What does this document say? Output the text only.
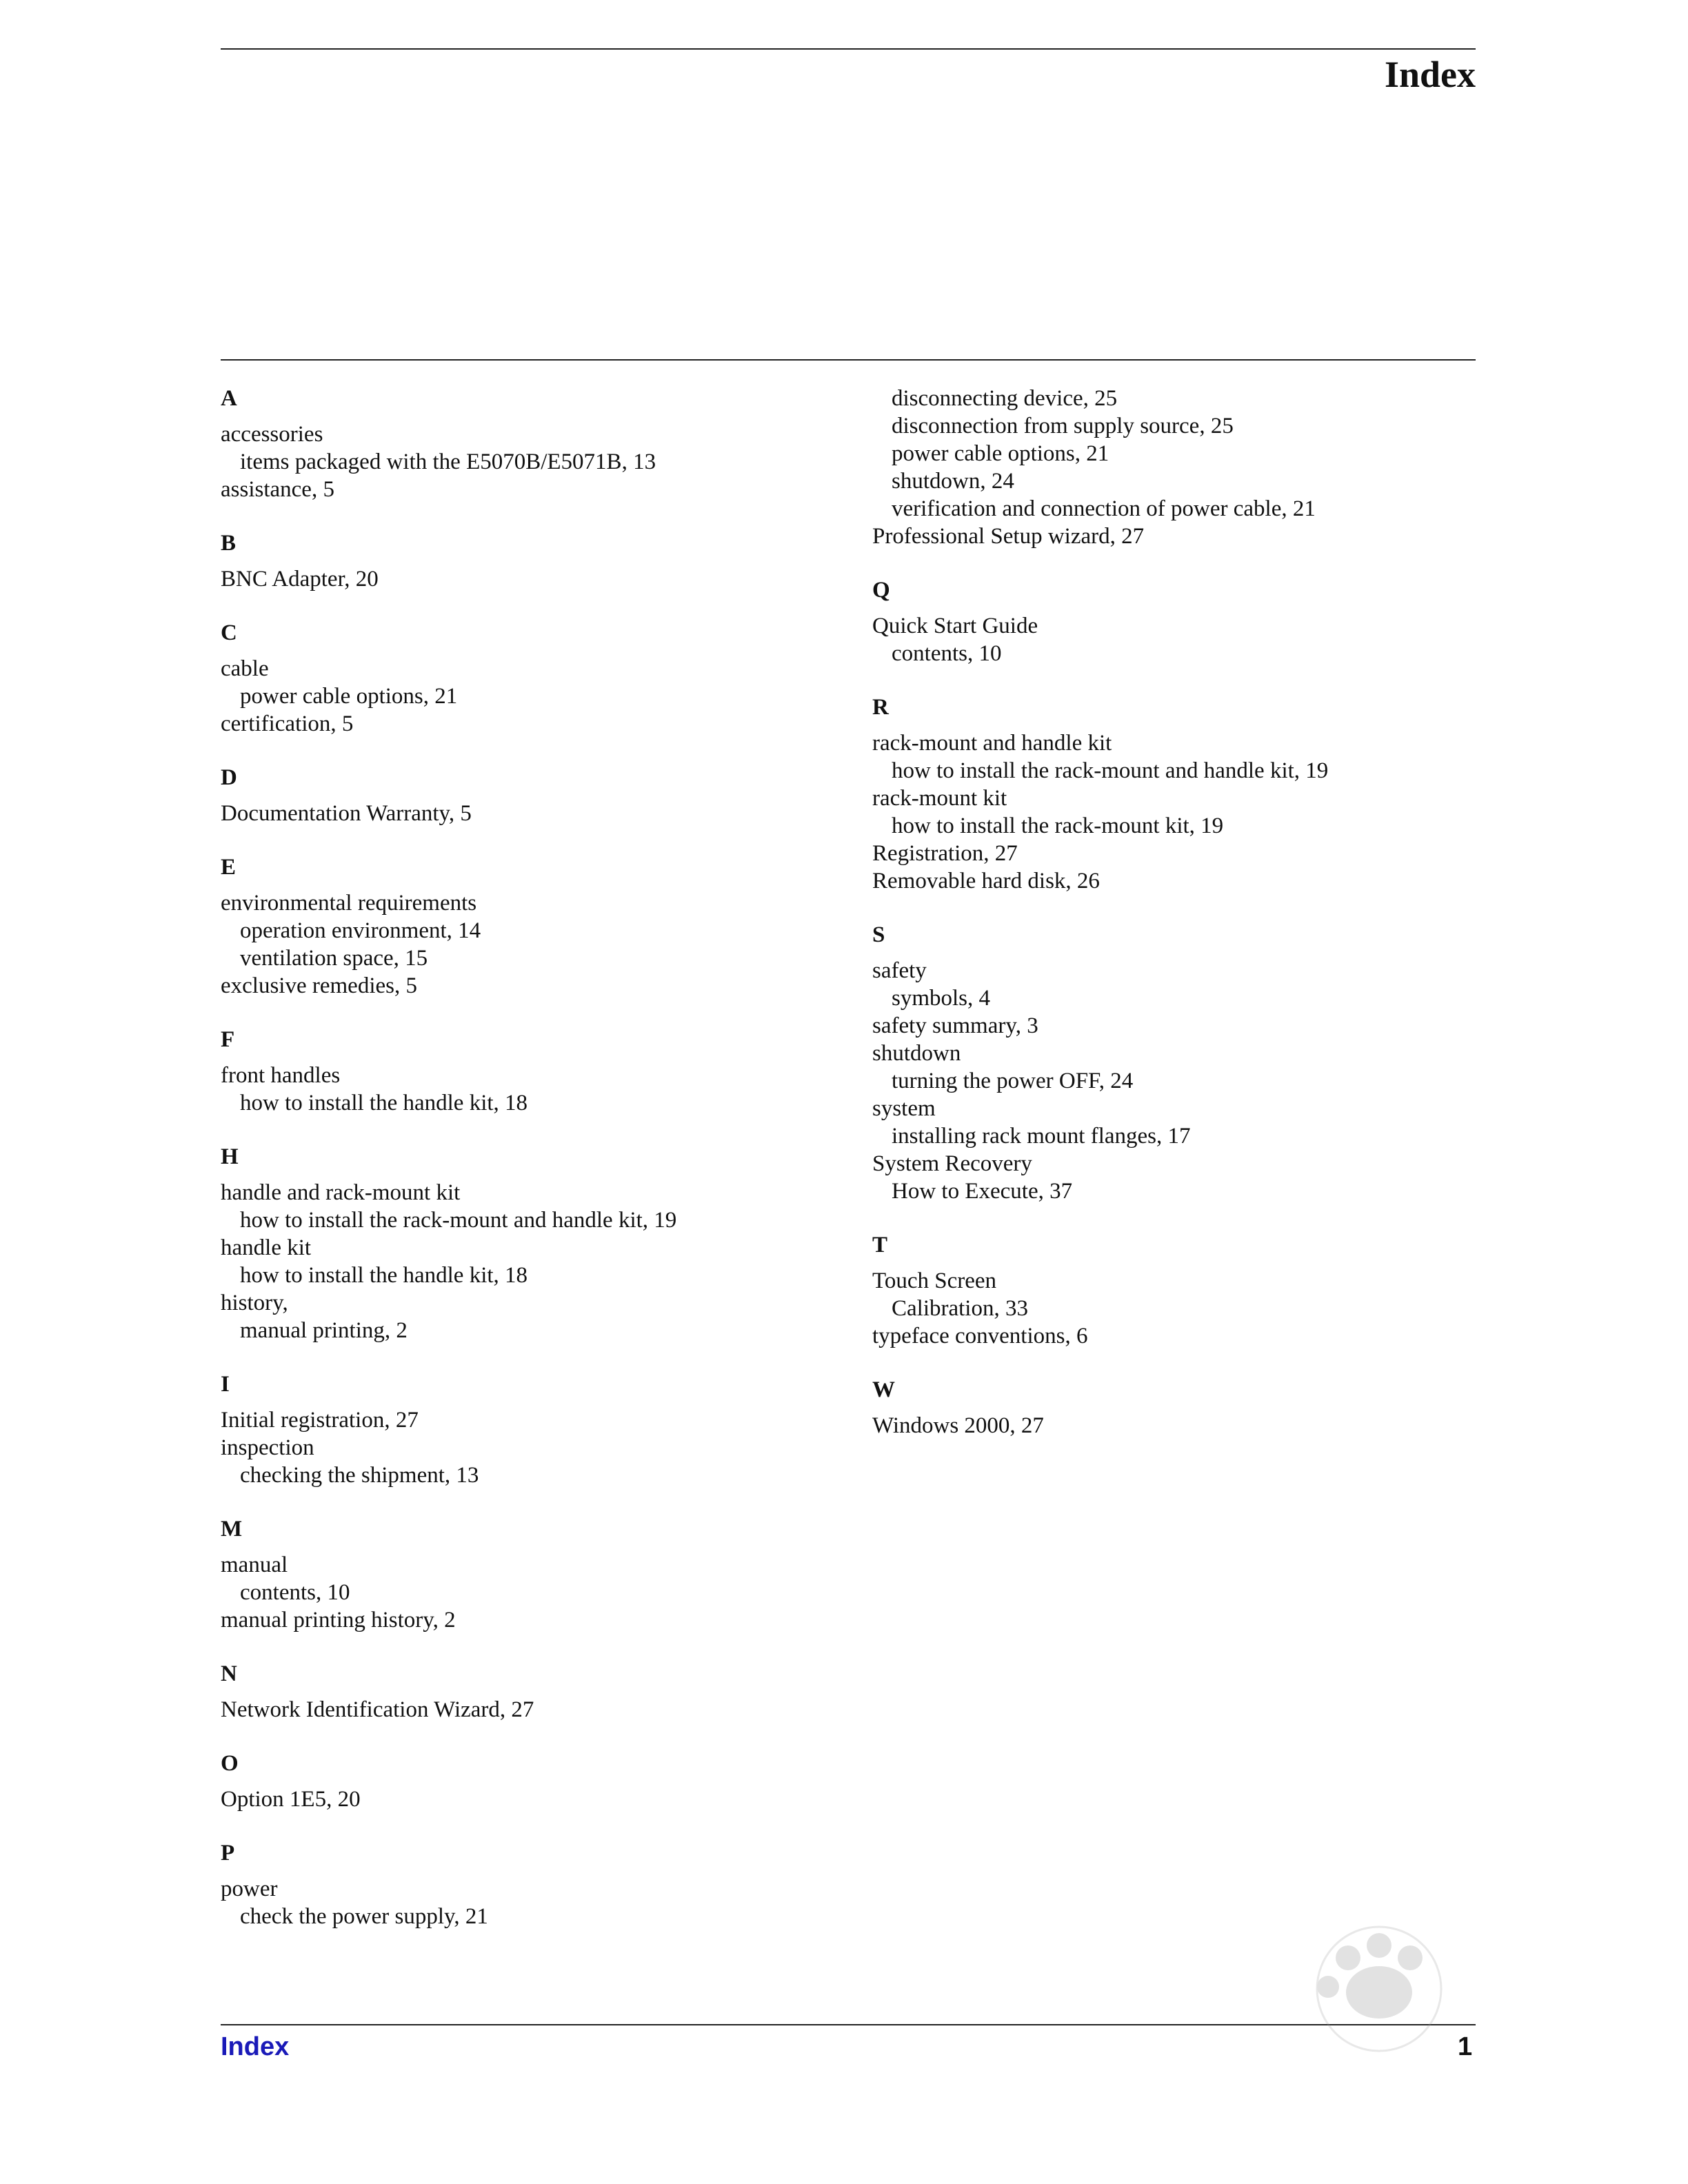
Index
A
accessories
items packaged with the E5070B/E5071B, 13
assistance, 5
B
BNC Adapter, 20
C
cable
power cable options, 21
certification, 5
D
Documentation Warranty, 5
E
environmental requirements
operation environment, 14
ventilation space, 15
exclusive remedies, 5
F
front handles
how to install the handle kit, 18
H
handle and rack-mount kit
how to install the rack-mount and handle kit, 19
handle kit
how to install the handle kit, 18
history,
manual printing, 2
I
Initial registration, 27
inspection
checking the shipment, 13
M
manual
contents, 10
manual printing history, 2
N
Network Identification Wizard, 27
O
Option 1E5, 20
P
power
check the power supply, 21
disconnecting device, 25
disconnection from supply source, 25
power cable options, 21
shutdown, 24
verification and connection of power cable, 21
Professional Setup wizard, 27
Q
Quick Start Guide
contents, 10
R
rack-mount and handle kit
how to install the rack-mount and handle kit, 19
rack-mount kit
how to install the rack-mount kit, 19
Registration, 27
Removable hard disk, 26
S
safety
symbols, 4
safety summary, 3
shutdown
turning the power OFF, 24
system
installing rack mount flanges, 17
System Recovery
How to Execute, 37
T
Touch Screen
Calibration, 33
typeface conventions, 6
W
Windows 2000, 27
Index	1
